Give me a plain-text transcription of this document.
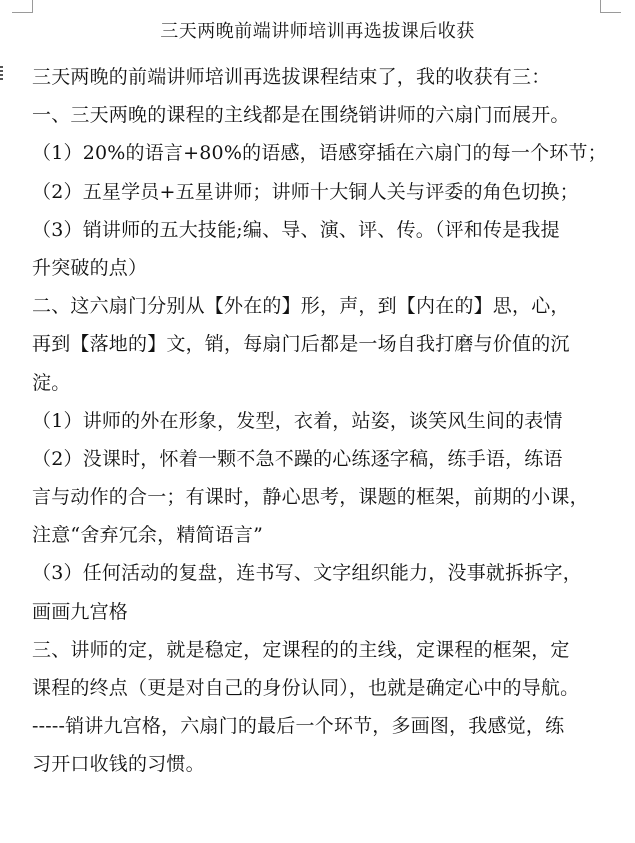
三天两晚前端讲师培训再选拔课后收获
三天两晚的前端讲师培训再选拔课程结束了，我的收获有三：
一、三天两晚的课程的主线都是在围绕销讲师的六扇门而展开。
（1）20%的语言+80%的语感，语感穿插在六扇门的每一个环节；
（2）五星学员+五星讲师；讲师十大铜人关与评委的角色切换；
（3）销讲师的五大技能;编、导、演、评、传。（评和传是我提
升突破的点）
二、这六扇门分别从【外在的】形，声，到【内在的】思，心，
再到【落地的】文，销，每扇门后都是一场自我打磨与价值的沉
淀。
（1）讲师的外在形象，发型，衣着，站姿，谈笑风生间的表情
（2）没课时，怀着一颗不急不躁的心练逐字稿，练手语，练语
言与动作的合一；有课时，静心思考，课题的框架，前期的小课，
注意“舍弃冗余，精简语言”
（3）任何活动的复盘，连书写、文字组织能力，没事就拆拆字，
画画九宫格
三、讲师的定，就是稳定，定课程的的主线，定课程的框架，定
课程的终点（更是对自己的身份认同），也就是确定心中的导航。
-----销讲九宫格，六扇门的最后一个环节，多画图，我感觉，练
习开口收钱的习惯。
